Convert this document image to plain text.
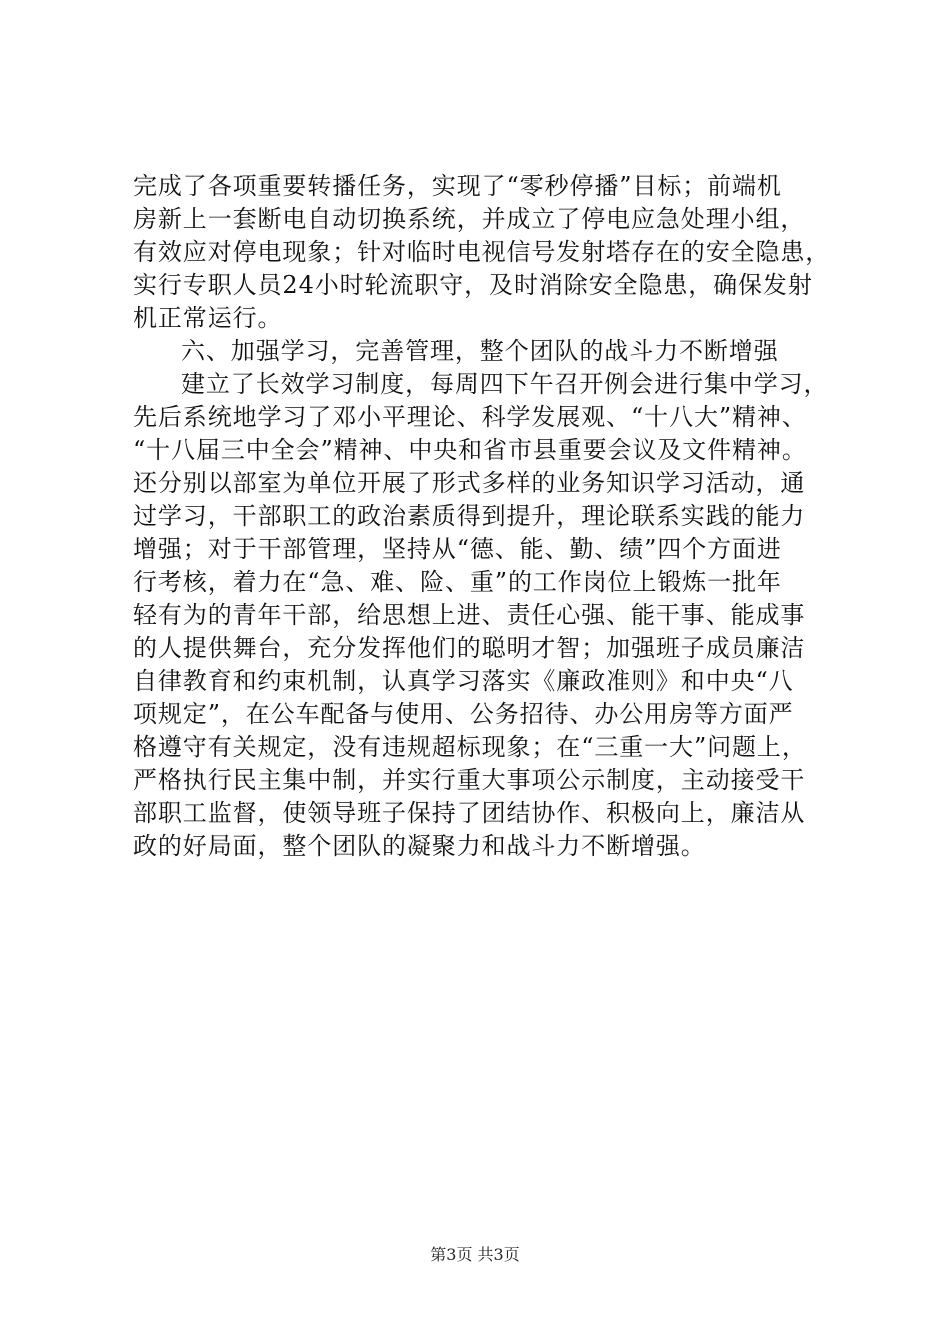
完成了各项重要转播任务，实现了“零秒停播”目标；前端机
房新上一套断电自动切换系统，并成立了停电应急处理小组，
有效应对停电现象；针对临时电视信号发射塔存在的安全隐患，
实行专职人员24小时轮流职守，及时消除安全隐患，确保发射
机正常运行。
六、加强学习，完善管理，整个团队的战斗力不断增强
建立了长效学习制度，每周四下午召开例会进行集中学习，
先后系统地学习了邓小平理论、科学发展观、“十八大”精神、
“十八届三中全会”精神、中央和省市县重要会议及文件精神。
还分别以部室为单位开展了形式多样的业务知识学习活动，通
过学习，干部职工的政治素质得到提升，理论联系实践的能力
增强；对于干部管理，坚持从“德、能、勤、绩”四个方面进
行考核，着力在“急、难、险、重”的工作岗位上锻炼一批年
轻有为的青年干部，给思想上进、责任心强、能干事、能成事
的人提供舞台，充分发挥他们的聪明才智；加强班子成员廉洁
自律教育和约束机制，认真学习落实《廉政准则》和中央“八
项规定”，在公车配备与使用、公务招待、办公用房等方面严
格遵守有关规定，没有违规超标现象；在“三重一大”问题上，
严格执行民主集中制，并实行重大事项公示制度，主动接受干
部职工监督，使领导班子保持了团结协作、积极向上，廉洁从
政的好局面，整个团队的凝聚力和战斗力不断增强。
第3页 共3页
